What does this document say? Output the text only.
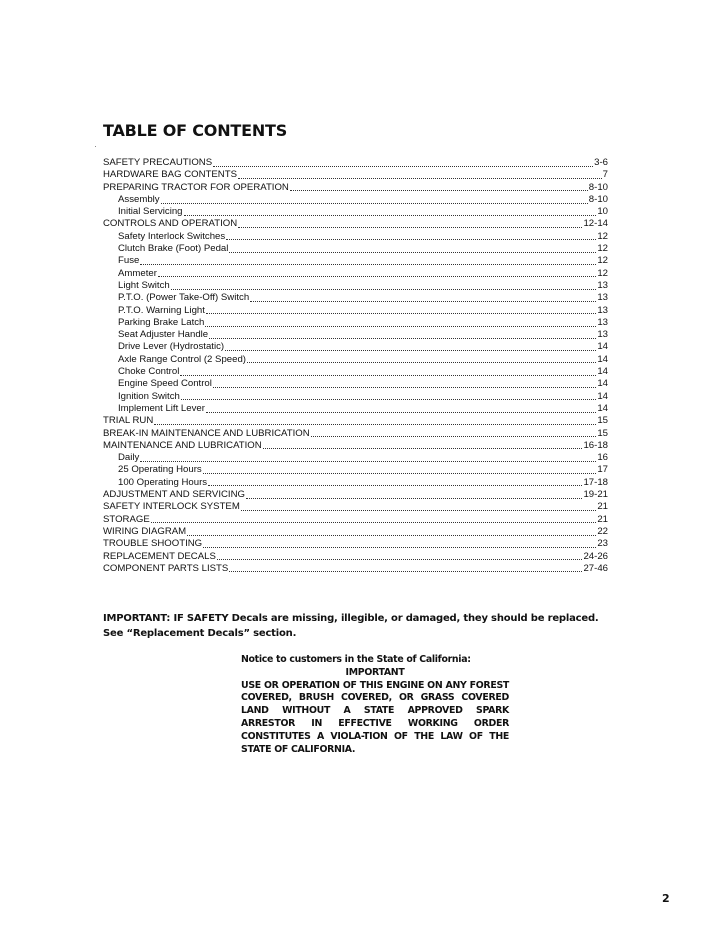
TABLE OF CONTENTS
SAFETY PRECAUTIONS	3-6
HARDWARE BAG CONTENTS	7
PREPARING TRACTOR FOR OPERATION	8-10
Assembly	8-10
Initial Servicing	10
CONTROLS AND OPERATION	12-14
Safety Interlock Switches	12
Clutch Brake (Foot) Pedal	12
Fuse	12
Ammeter	12
Light Switch	13
P.T.O. (Power Take-Off) Switch	13
P.T.O. Warning Light	13
Parking Brake Latch	13
Seat Adjuster Handle	13
Drive Lever (Hydrostatic)	14
Axle Range Control (2 Speed)	14
Choke Control	14
Engine Speed Control	14
Ignition Switch	14
Implement Lift Lever	14
TRIAL RUN	15
BREAK-IN MAINTENANCE AND LUBRICATION	15
MAINTENANCE AND LUBRICATION	16-18
Daily	16
25 Operating Hours	17
100 Operating Hours	17-18
ADJUSTMENT AND SERVICING	19-21
SAFETY INTERLOCK SYSTEM	21
STORAGE	21
WIRING DIAGRAM	22
TROUBLE SHOOTING	23
REPLACEMENT DECALS	24-26
COMPONENT PARTS LISTS	27-46
IMPORTANT: IF SAFETY Decals are missing, illegible, or damaged, they should be replaced. See “Replacement Decals” section.
Notice to customers in the State of California:
IMPORTANT
USE OR OPERATION OF THIS ENGINE ON ANY FOREST COVERED, BRUSH COVERED, OR GRASS COVERED LAND WITHOUT A STATE APPROVED SPARK ARRESTOR IN EFFECTIVE WORKING ORDER CONSTITUTES A VIOLA-TION OF THE LAW OF THE STATE OF CALIFORNIA.
2
